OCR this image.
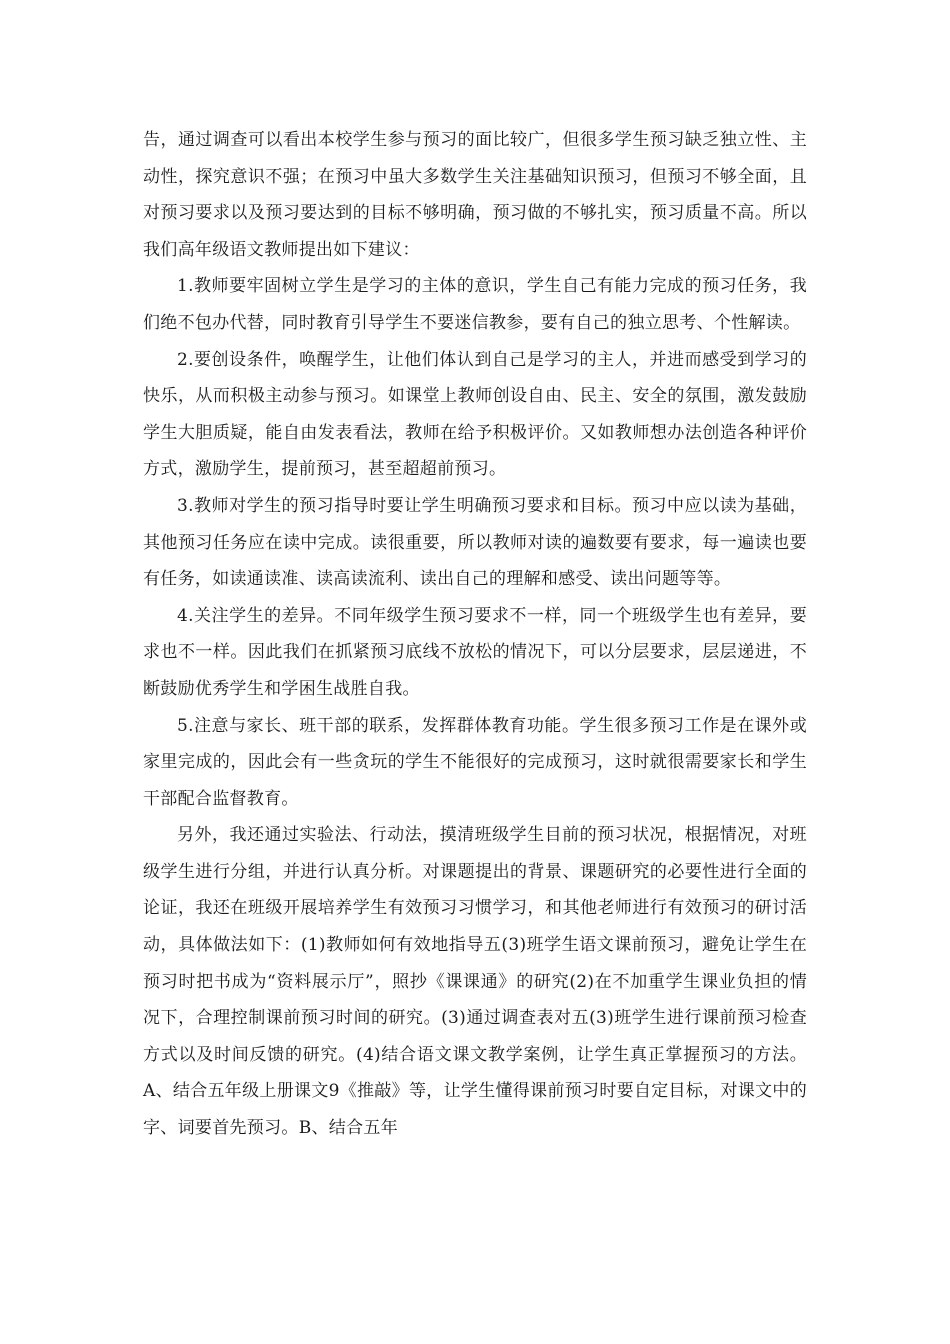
告，通过调查可以看出本校学生参与预习的面比较广，但很多学生预习缺乏独立性、主动性，探究意识不强；在预习中虽大多数学生关注基础知识预习，但预习不够全面，且对预习要求以及预习要达到的目标不够明确，预习做的不够扎实，预习质量不高。所以我们高年级语文教师提出如下建议：

1.教师要牢固树立学生是学习的主体的意识，学生自己有能力完成的预习任务，我们绝不包办代替，同时教育引导学生不要迷信教参，要有自己的独立思考、个性解读。

2.要创设条件，唤醒学生，让他们体认到自己是学习的主人，并进而感受到学习的快乐，从而积极主动参与预习。如课堂上教师创设自由、民主、安全的氛围，激发鼓励学生大胆质疑，能自由发表看法，教师在给予积极评价。又如教师想办法创造各种评价方式，激励学生，提前预习，甚至超超前预习。

3.教师对学生的预习指导时要让学生明确预习要求和目标。预习中应以读为基础，其他预习任务应在读中完成。读很重要，所以教师对读的遍数要有要求，每一遍读也要有任务，如读通读准、读高读流利、读出自己的理解和感受、读出问题等等。

4.关注学生的差异。不同年级学生预习要求不一样，同一个班级学生也有差异，要求也不一样。因此我们在抓紧预习底线不放松的情况下，可以分层要求，层层递进，不断鼓励优秀学生和学困生战胜自我。

5.注意与家长、班干部的联系，发挥群体教育功能。学生很多预习工作是在课外或家里完成的，因此会有一些贪玩的学生不能很好的完成预习，这时就很需要家长和学生干部配合监督教育。

另外，我还通过实验法、行动法，摸清班级学生目前的预习状况，根据情况，对班级学生进行分组，并进行认真分析。对课题提出的背景、课题研究的必要性进行全面的论证，我还在班级开展培养学生有效预习习惯学习，和其他老师进行有效预习的研讨活动，具体做法如下：(1)教师如何有效地指导五(3)班学生语文课前预习，避免让学生在预习时把书成为“资料展示厅”，照抄《课课通》的研究(2)在不加重学生课业负担的情况下，合理控制课前预习时间的研究。(3)通过调查表对五(3)班学生进行课前预习检查方式以及时间反馈的研究。(4)结合语文课文教学案例，让学生真正掌握预习的方法。A、结合五年级上册课文9《推敲》等，让学生懂得课前预习时要自定目标，对课文中的字、词要首先预习。B、结合五年
